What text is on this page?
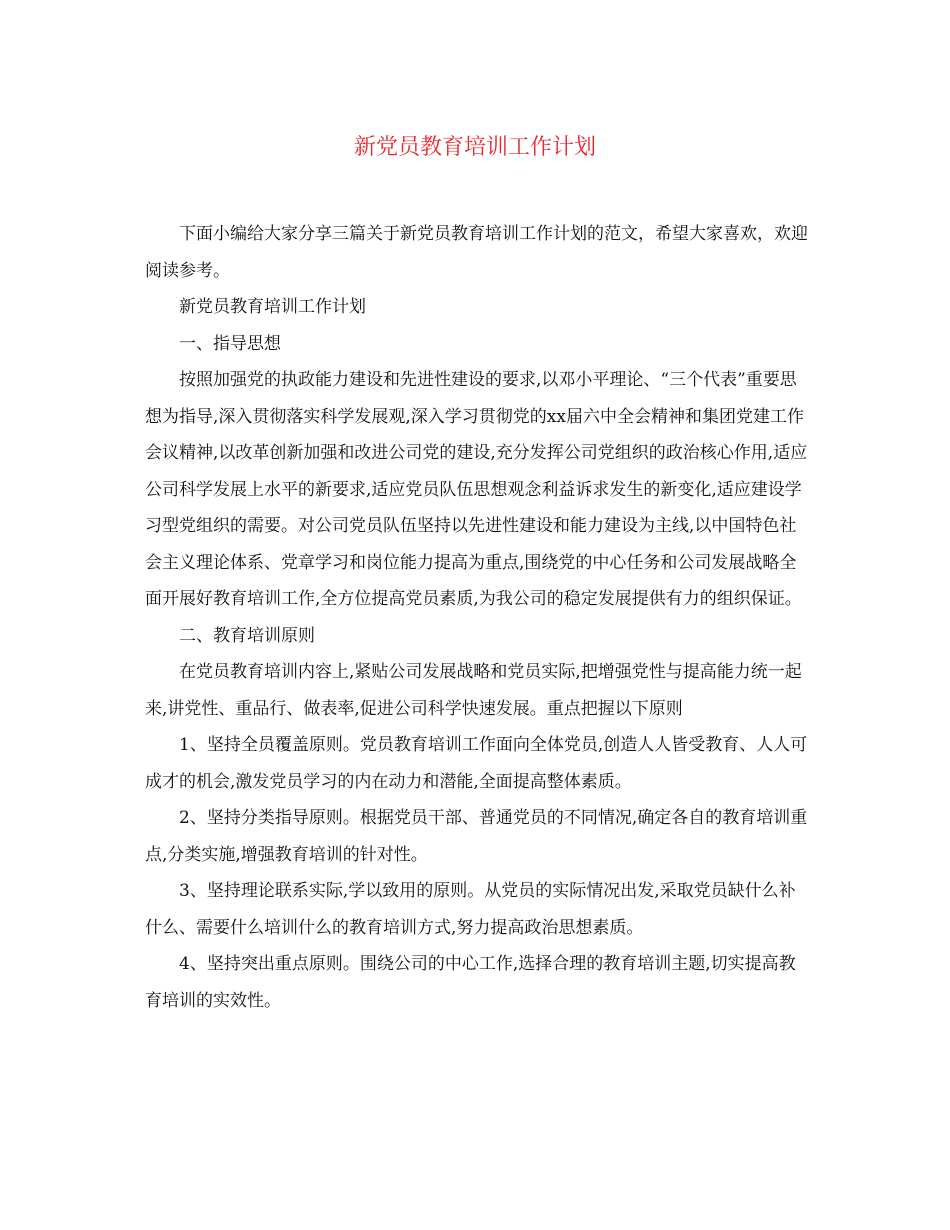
新党员教育培训工作计划

下面小编给大家分享三篇关于新党员教育培训工作计划的范文，希望大家喜欢，欢迎阅读参考。

新党员教育培训工作计划

一、指导思想

按照加强党的执政能力建设和先进性建设的要求,以邓小平理论、“三个代表”重要思想为指导,深入贯彻落实科学发展观,深入学习贯彻党的xx届六中全会精神和集团党建工作会议精神,以改革创新加强和改进公司党的建设,充分发挥公司党组织的政治核心作用,适应公司科学发展上水平的新要求,适应党员队伍思想观念利益诉求发生的新变化,适应建设学习型党组织的需要。对公司党员队伍坚持以先进性建设和能力建设为主线,以中国特色社会主义理论体系、党章学习和岗位能力提高为重点,围绕党的中心任务和公司发展战略全面开展好教育培训工作,全方位提高党员素质,为我公司的稳定发展提供有力的组织保证。

二、教育培训原则

在党员教育培训内容上,紧贴公司发展战略和党员实际,把增强党性与提高能力统一起来,讲党性、重品行、做表率,促进公司科学快速发展。重点把握以下原则

1、坚持全员覆盖原则。党员教育培训工作面向全体党员,创造人人皆受教育、人人可成才的机会,激发党员学习的内在动力和潜能,全面提高整体素质。

2、坚持分类指导原则。根据党员干部、普通党员的不同情况,确定各自的教育培训重点,分类实施,增强教育培训的针对性。

3、坚持理论联系实际,学以致用的原则。从党员的实际情况出发,采取党员缺什么补什么、需要什么培训什么的教育培训方式,努力提高政治思想素质。

4、坚持突出重点原则。围绕公司的中心工作,选择合理的教育培训主题,切实提高教育培训的实效性。
